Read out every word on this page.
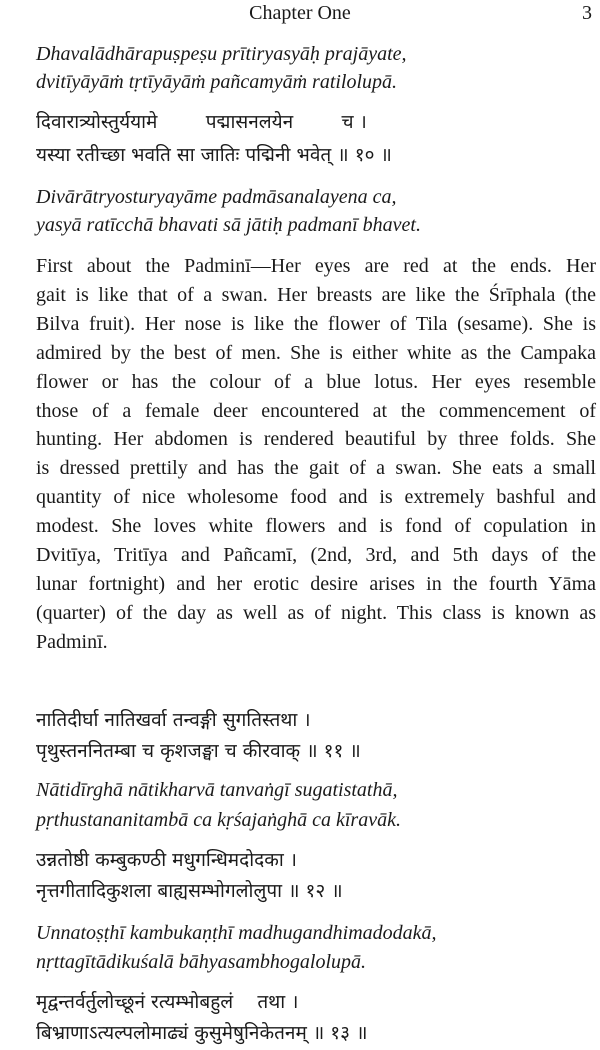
Chapter One	3
Dhavalādhārapuṣpeṣu prītiryasyāḥ prajāyate,
dvitīyāyāṁ tṛtīyāyāṁ pañcamyāṁ ratilolupā.
दिवारात्र्योस्तुर्ययामे        पद्मासनलयेन        च ।
यस्या रतीच्छा भवति सा जातिः पद्मिनी भवेत् ॥ १० ॥
Divārātryosturyayāme padmāsanalayena ca,
yasyā ratīcchā bhavati sā jātiḥ padmanī bhavet.
First about the Padminī—Her eyes are red at the ends. Her
gait is like that of a swan. Her breasts are like the Śrīphala (the
Bilva fruit). Her nose is like the flower of Tila (sesame). She is
admired by the best of men. She is either white as the Campaka
flower or has the colour of a blue lotus. Her eyes resemble
those of a female deer encountered at the commencement of
hunting. Her abdomen is rendered beautiful by three folds. She
is dressed prettily and has the gait of a swan. She eats a small
quantity of nice wholesome food and is extremely bashful and
modest. She loves white flowers and is fond of copulation in
Dvitīya, Tritīya and Pañcamī, (2nd, 3rd, and 5th days of the
lunar fortnight) and her erotic desire arises in the fourth Yāma
(quarter) of the day as well as of night. This class is known as
Padminī.
नातिदीर्घा नातिखर्वा तन्वङ्गी सुगतिस्तथा ।
पृथुस्तननितम्बा च कृशजङ्घा च कीरवाक् ॥ ११ ॥
Nātidīrghā nātikharvā tanvaṅgī sugatistathā,
pṛthustananitambā ca kṛśajaṅghā ca kīravāk.
उन्नतोष्ठी कम्बुकण्ठी मधुगन्धिमदोदका ।
नृत्तगीतादिकुशला बाह्यसम्भोगलोलुपा ॥ १२ ॥
Unnatoṣṭhī kambukaṇṭhī madhugandhimadodakā,
nṛttagītādikuśalā bāhyasambhogalolupā.
मृद्वन्तर्वर्तुलोच्छूनं रत्यम्भोबहुलं    तथा ।
बिभ्राणाऽत्यल्पलोमाढ्यं कुसुमेषुनिकेतनम् ॥ १३ ॥
